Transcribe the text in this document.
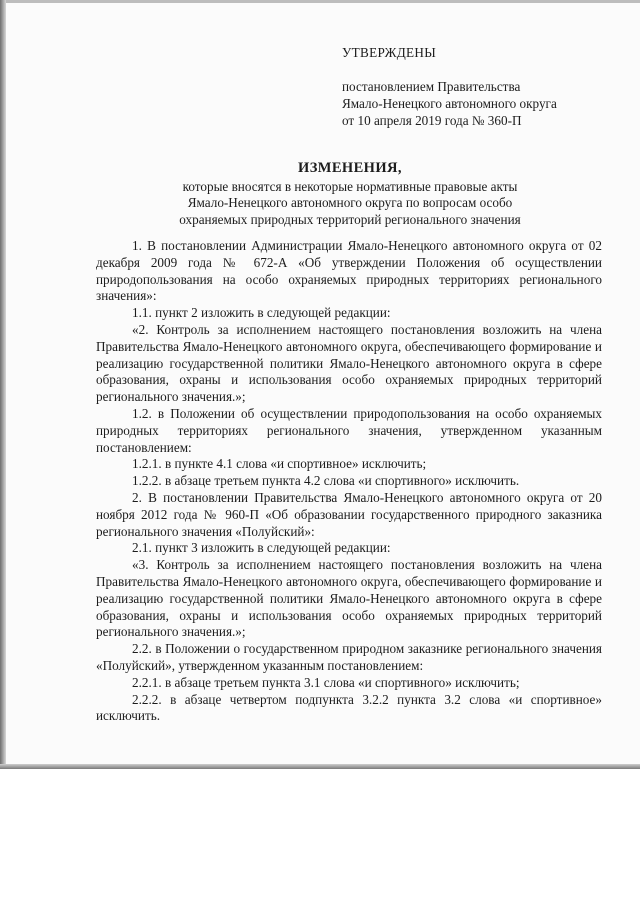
УТВЕРЖДЕНЫ
постановлением Правительства
Ямало-Ненецкого автономного округа
от 10 апреля 2019 года № 360-П
ИЗМЕНЕНИЯ,
которые вносятся в некоторые нормативные правовые акты
Ямало-Ненецкого автономного округа по вопросам особо
охраняемых природных территорий регионального значения

1. В постановлении Администрации Ямало-Ненецкого автономного округа от 02 декабря 2009 года № 672-А «Об утверждении Положения об осуществлении природопользования на особо охраняемых природных территориях регионального значения»:

1.1. пункт 2 изложить в следующей редакции:

«2. Контроль за исполнением настоящего постановления возложить на члена Правительства Ямало-Ненецкого автономного округа, обеспечивающего формирование и реализацию государственной политики Ямало-Ненецкого автономного округа в сфере образования, охраны и использования особо охраняемых природных территорий регионального значения.»;

1.2. в Положении об осуществлении природопользования на особо охраняемых природных территориях регионального значения, утвержденном указанным постановлением:

1.2.1. в пункте 4.1 слова «и спортивное» исключить;

1.2.2. в абзаце третьем пункта 4.2 слова «и спортивного» исключить.

2. В постановлении Правительства Ямало-Ненецкого автономного округа от 20 ноября 2012 года № 960-П «Об образовании государственного природного заказника регионального значения «Полуйский»:

2.1. пункт 3 изложить в следующей редакции:

«3. Контроль за исполнением настоящего постановления возложить на члена Правительства Ямало-Ненецкого автономного округа, обеспечивающего формирование и реализацию государственной политики Ямало-Ненецкого автономного округа в сфере образования, охраны и использования особо охраняемых природных территорий регионального значения.»;

2.2. в Положении о государственном природном заказнике регионального значения «Полуйский», утвержденном указанным постановлением:

2.2.1. в абзаце третьем пункта 3.1 слова «и спортивного» исключить;

2.2.2. в абзаце четвертом подпункта 3.2.2 пункта 3.2 слова «и спортивное» исключить.
